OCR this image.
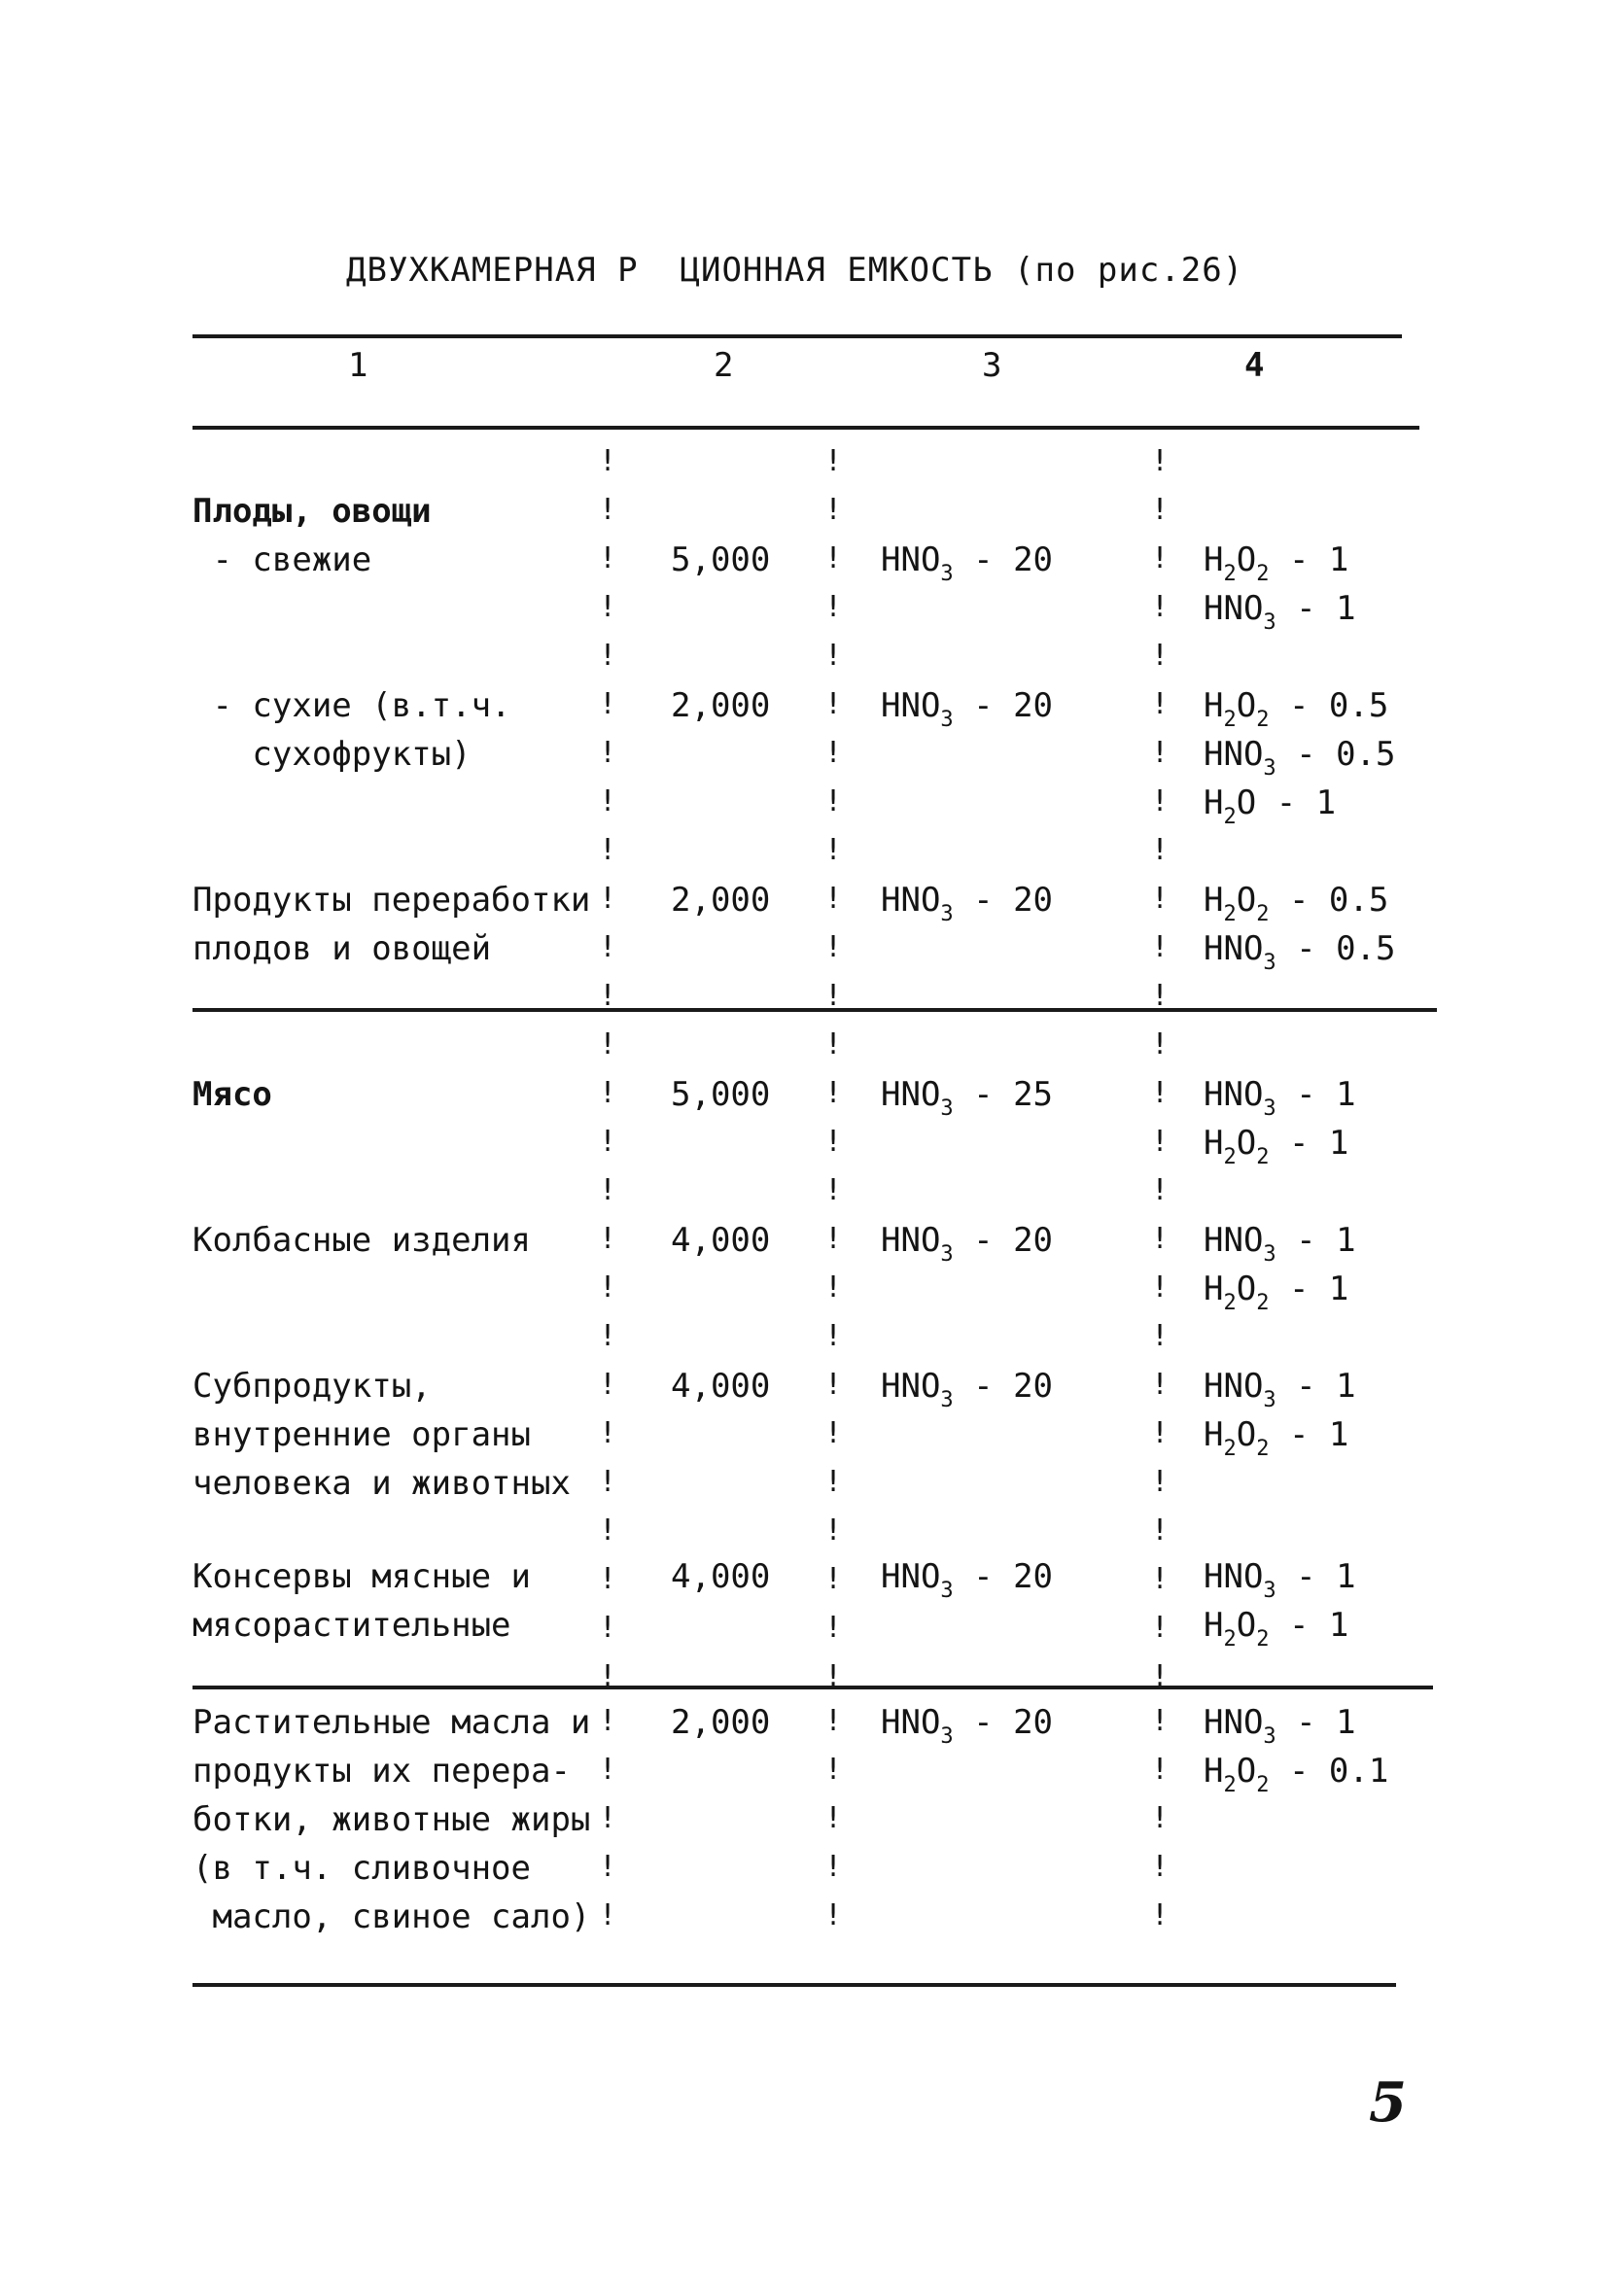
ДВУХКАМЕРНАЯ Р  ЦИОННАЯ ЕМКОСТЬ (по рис.26)
1	2	3	4
Плоды, овощи
- свежие	5,000	$HNO_3 - 20$	$H_2O_2 - 1$
$HNO_3 - 1$
- сухие (в.т.ч.
сухофрукты)
2,000	$HNO_3 - 20$	$H_2O_2 - 0.5$
$HNO_3 - 0.5$
$H_2O - 1$
Продукты переработки
плодов и овощей
2,000	$HNO_3 - 20$	$H_2O_2 - 0.5$
$HNO_3 - 0.5$
Мясо	5,000	$HNO_3 - 25$	$HNO_3 - 1$
$H_2O_2 - 1$
Колбасные изделия	4,000	$HNO_3 - 20$	$HNO_3 - 1$
$H_2O_2 - 1$
Субпродукты,
внутренние органы
человека и животных
4,000	$HNO_3 - 20$	$HNO_3 - 1$
$H_2O_2 - 1$
Консервы мясные и
мясорастительные
4,000	$HNO_3 - 20$	$HNO_3 - 1$
$H_2O_2 - 1$
Растительные масла и
продукты их перера-
ботки, животные жиры
(в т.ч. сливочное
масло, свиное сало)
2,000	$HNO_3 - 20$	$HNO_3 - 1$
$H_2O_2 - 0.1$
!
!
!
!
!
!
!
!
!
!
!
!
!
!
!
!
!
!
!
!
!
!
!
!
!
!
!
!
!
!
!
!
!
!
!
!
!
!
!
!
!
!
!
!
!
!
!
!
!
!
!
!
!
!
!
!
!
!
!
!
!
!
!
!
!
!
!
!
!
!
!
!
!
!
!
!
!
!
!
!
!
!
!
!
!
!
!
!
!
!
!
!
!
5
